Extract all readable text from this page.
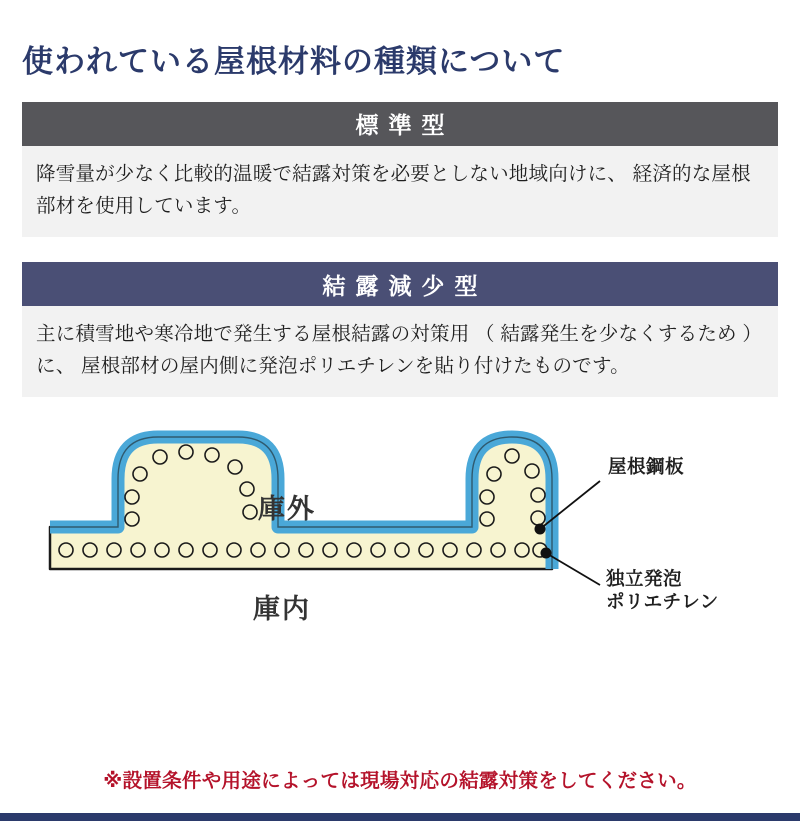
使われている屋根材料の種類について
標準型
降雪量が少なく比較的温暖で結露対策を必要としない地域向けに、 経済的な屋根部材を使用しています。
結露減少型
主に積雪地や寒冷地で発生する屋根結露の対策用 （ 結露発生を少なくするため ） に、 屋根部材の屋内側に発泡ポリエチレンを貼り付けたものです。
庫外
庫内
屋根鋼板
独立発泡
ポリエチレン
※設置条件や用途によっては現場対応の結露対策をしてください。
